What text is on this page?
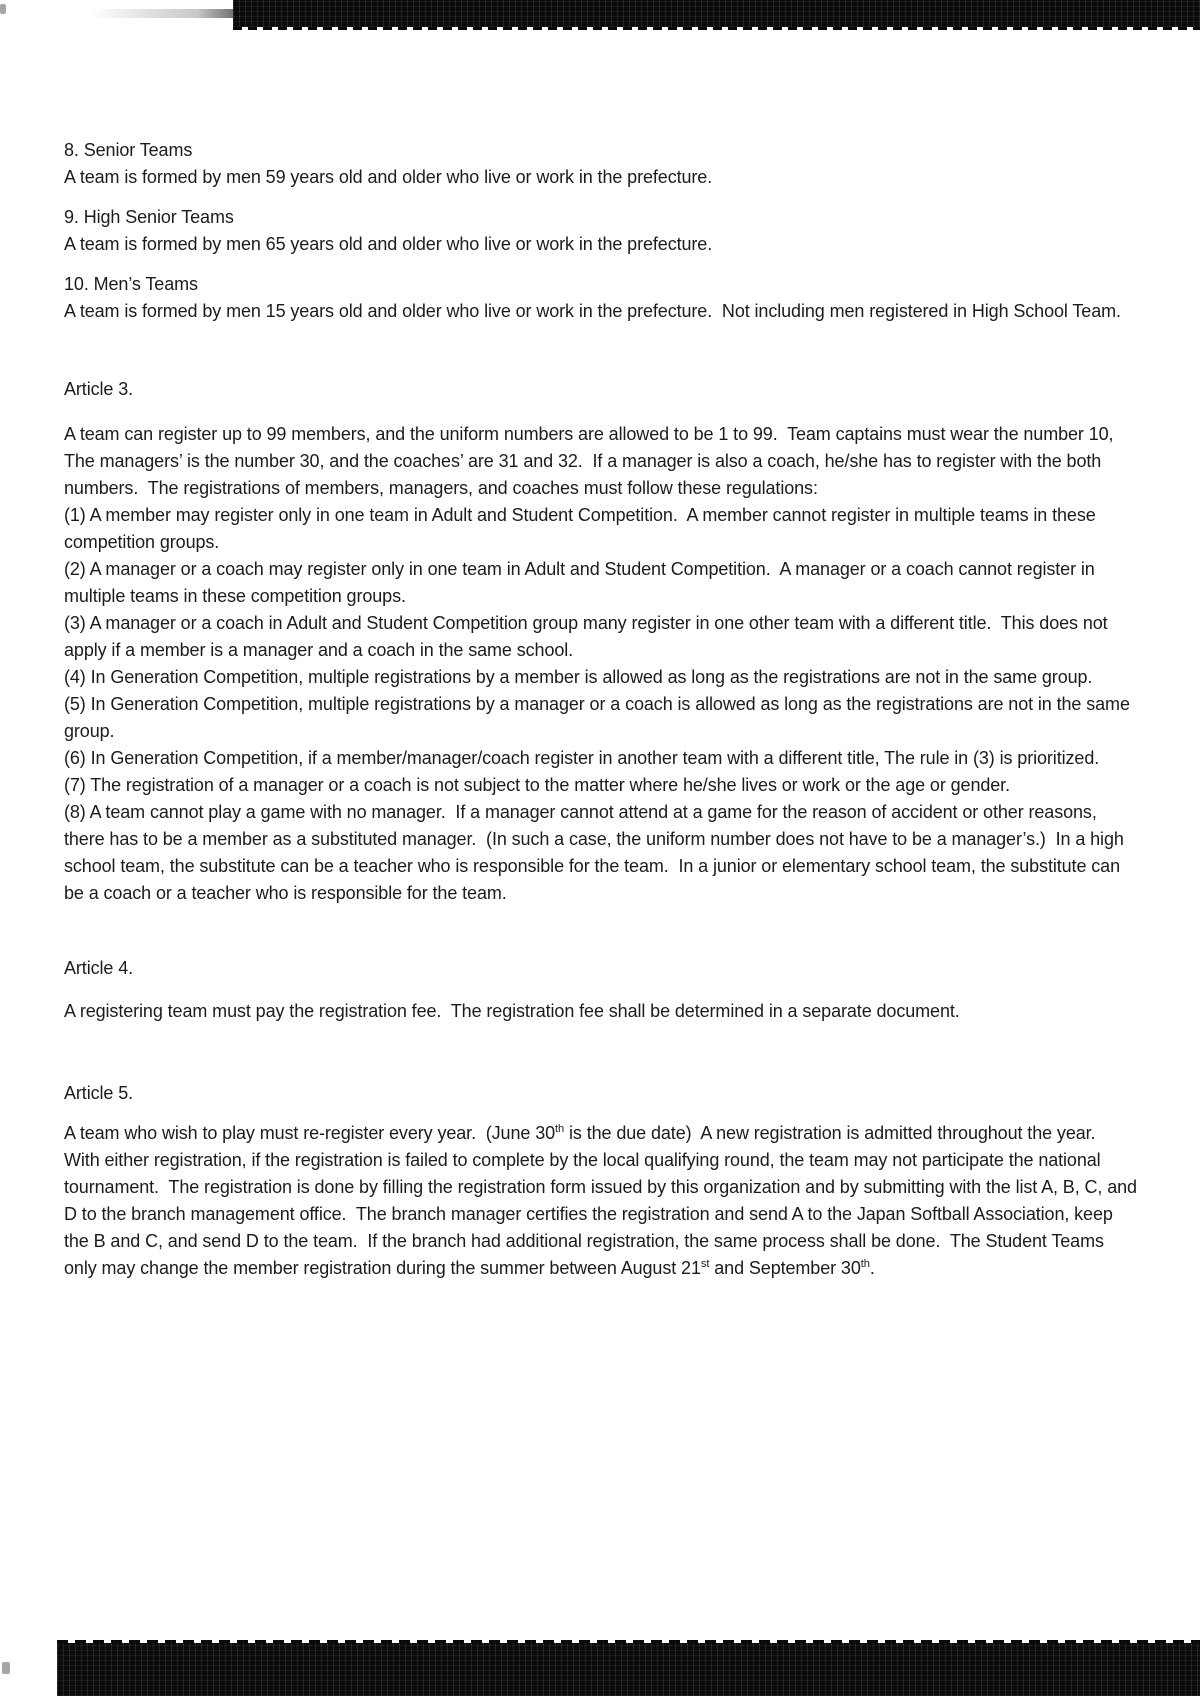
8. Senior Teams
A team is formed by men 59 years old and older who live or work in the prefecture.
9. High Senior Teams
A team is formed by men 65 years old and older who live or work in the prefecture.
10. Men’s Teams
A team is formed by men 15 years old and older who live or work in the prefecture.  Not including men registered in High School Team.
Article 3.
A team can register up to 99 members, and the uniform numbers are allowed to be 1 to 99.  Team captains must wear the number 10, The managers’ is the number 30, and the coaches’ are 31 and 32.  If a manager is also a coach, he/she has to register with the both numbers.  The registrations of members, managers, and coaches must follow these regulations:
(1) A member may register only in one team in Adult and Student Competition.  A member cannot register in multiple teams in these competition groups.
(2) A manager or a coach may register only in one team in Adult and Student Competition.  A manager or a coach cannot register in multiple teams in these competition groups.
(3) A manager or a coach in Adult and Student Competition group many register in one other team with a different title.  This does not apply if a member is a manager and a coach in the same school.
(4) In Generation Competition, multiple registrations by a member is allowed as long as the registrations are not in the same group.
(5) In Generation Competition, multiple registrations by a manager or a coach is allowed as long as the registrations are not in the same group.
(6) In Generation Competition, if a member/manager/coach register in another team with a different title, The rule in (3) is prioritized.
(7) The registration of a manager or a coach is not subject to the matter where he/she lives or work or the age or gender.
(8) A team cannot play a game with no manager.  If a manager cannot attend at a game for the reason of accident or other reasons, there has to be a member as a substituted manager.  (In such a case, the uniform number does not have to be a manager’s.)  In a high school team, the substitute can be a teacher who is responsible for the team.  In a junior or elementary school team, the substitute can be a coach or a teacher who is responsible for the team.
Article 4.
A registering team must pay the registration fee.  The registration fee shall be determined in a separate document.
Article 5.
A team who wish to play must re-register every year.  (June 30th is the due date)  A new registration is admitted throughout the year.  With either registration, if the registration is failed to complete by the local qualifying round, the team may not participate the national tournament.  The registration is done by filling the registration form issued by this organization and by submitting with the list A, B, C, and D to the branch management office.  The branch manager certifies the registration and send A to the Japan Softball Association, keep the B and C, and send D to the team.  If the branch had additional registration, the same process shall be done.  The Student Teams only may change the member registration during the summer between August 21st and September 30th.
